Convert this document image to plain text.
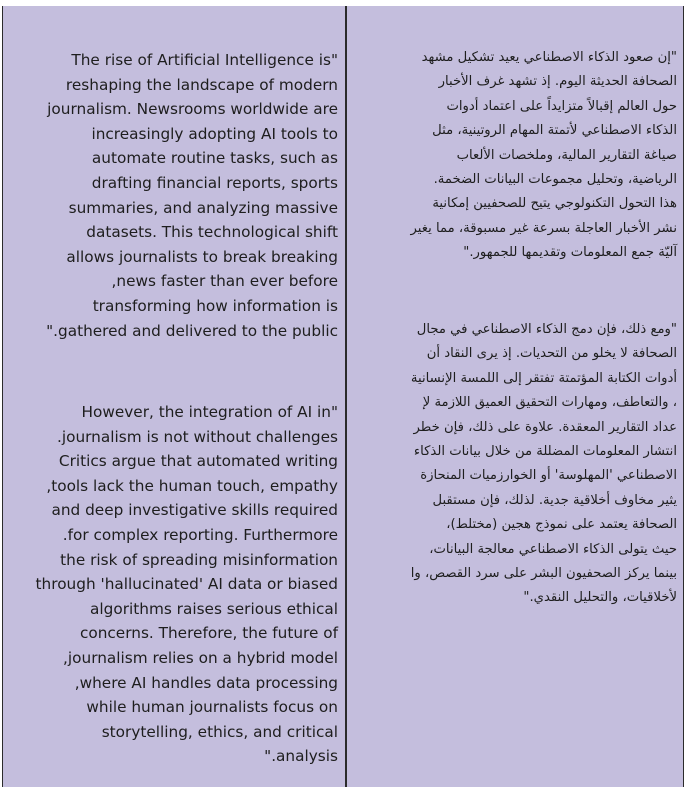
The rise of Artificial Intelligence is"
reshaping the landscape of modern
journalism. Newsrooms worldwide are
increasingly adopting AI tools to
automate routine tasks, such as
drafting financial reports, sports
summaries, and analyzing massive
datasets. This technological shift
allows journalists to break breaking
,news faster than ever before
transforming how information is
".gathered and delivered to the public
However, the integration of AI in"
.journalism is not without challenges
Critics argue that automated writing
,tools lack the human touch, empathy
and deep investigative skills required
.for complex reporting. Furthermore
the risk of spreading misinformation
through 'hallucinated' AI data or biased
algorithms raises serious ethical
concerns. Therefore, the future of
,journalism relies on a hybrid model
,where AI handles data processing
while human journalists focus on
storytelling, ethics, and critical
".analysis
"إن صعود الذكاء الاصطناعي يعيد تشكيل مشهد
الصحافة الحديثة اليوم. إذ تشهد غرف الأخبار
حول العالم إقبالاً متزايداً على اعتماد أدوات
الذكاء الاصطناعي لأتمتة المهام الروتينية، مثل
صياغة التقارير المالية، وملخصات الألعاب
الرياضية، وتحليل مجموعات البيانات الضخمة.
هذا التحول التكنولوجي يتيح للصحفيين إمكانية
نشر الأخبار العاجلة بسرعة غير مسبوقة، مما يغير
آليّة جمع المعلومات وتقديمها للجمهور."
"ومع ذلك، فإن دمج الذكاء الاصطناعي في مجال
الصحافة لا يخلو من التحديات. إذ يرى النقاد أن
أدوات الكتابة المؤتمتة تفتقر إلى اللمسة الإنسانية
، والتعاطف، ومهارات التحقيق العميق اللازمة لإ
عداد التقارير المعقدة. علاوة على ذلك، فإن خطر
انتشار المعلومات المضللة من خلال بيانات الذكاء
الاصطناعي 'المهلوسة' أو الخوارزميات المنحازة
يثير مخاوف أخلاقية جدية. لذلك، فإن مستقبل
الصحافة يعتمد على نموذج هجين (مختلط)،
حيث يتولى الذكاء الاصطناعي معالجة البيانات،
بينما يركز الصحفيون البشر على سرد القصص، وا
لأخلاقيات، والتحليل النقدي."
